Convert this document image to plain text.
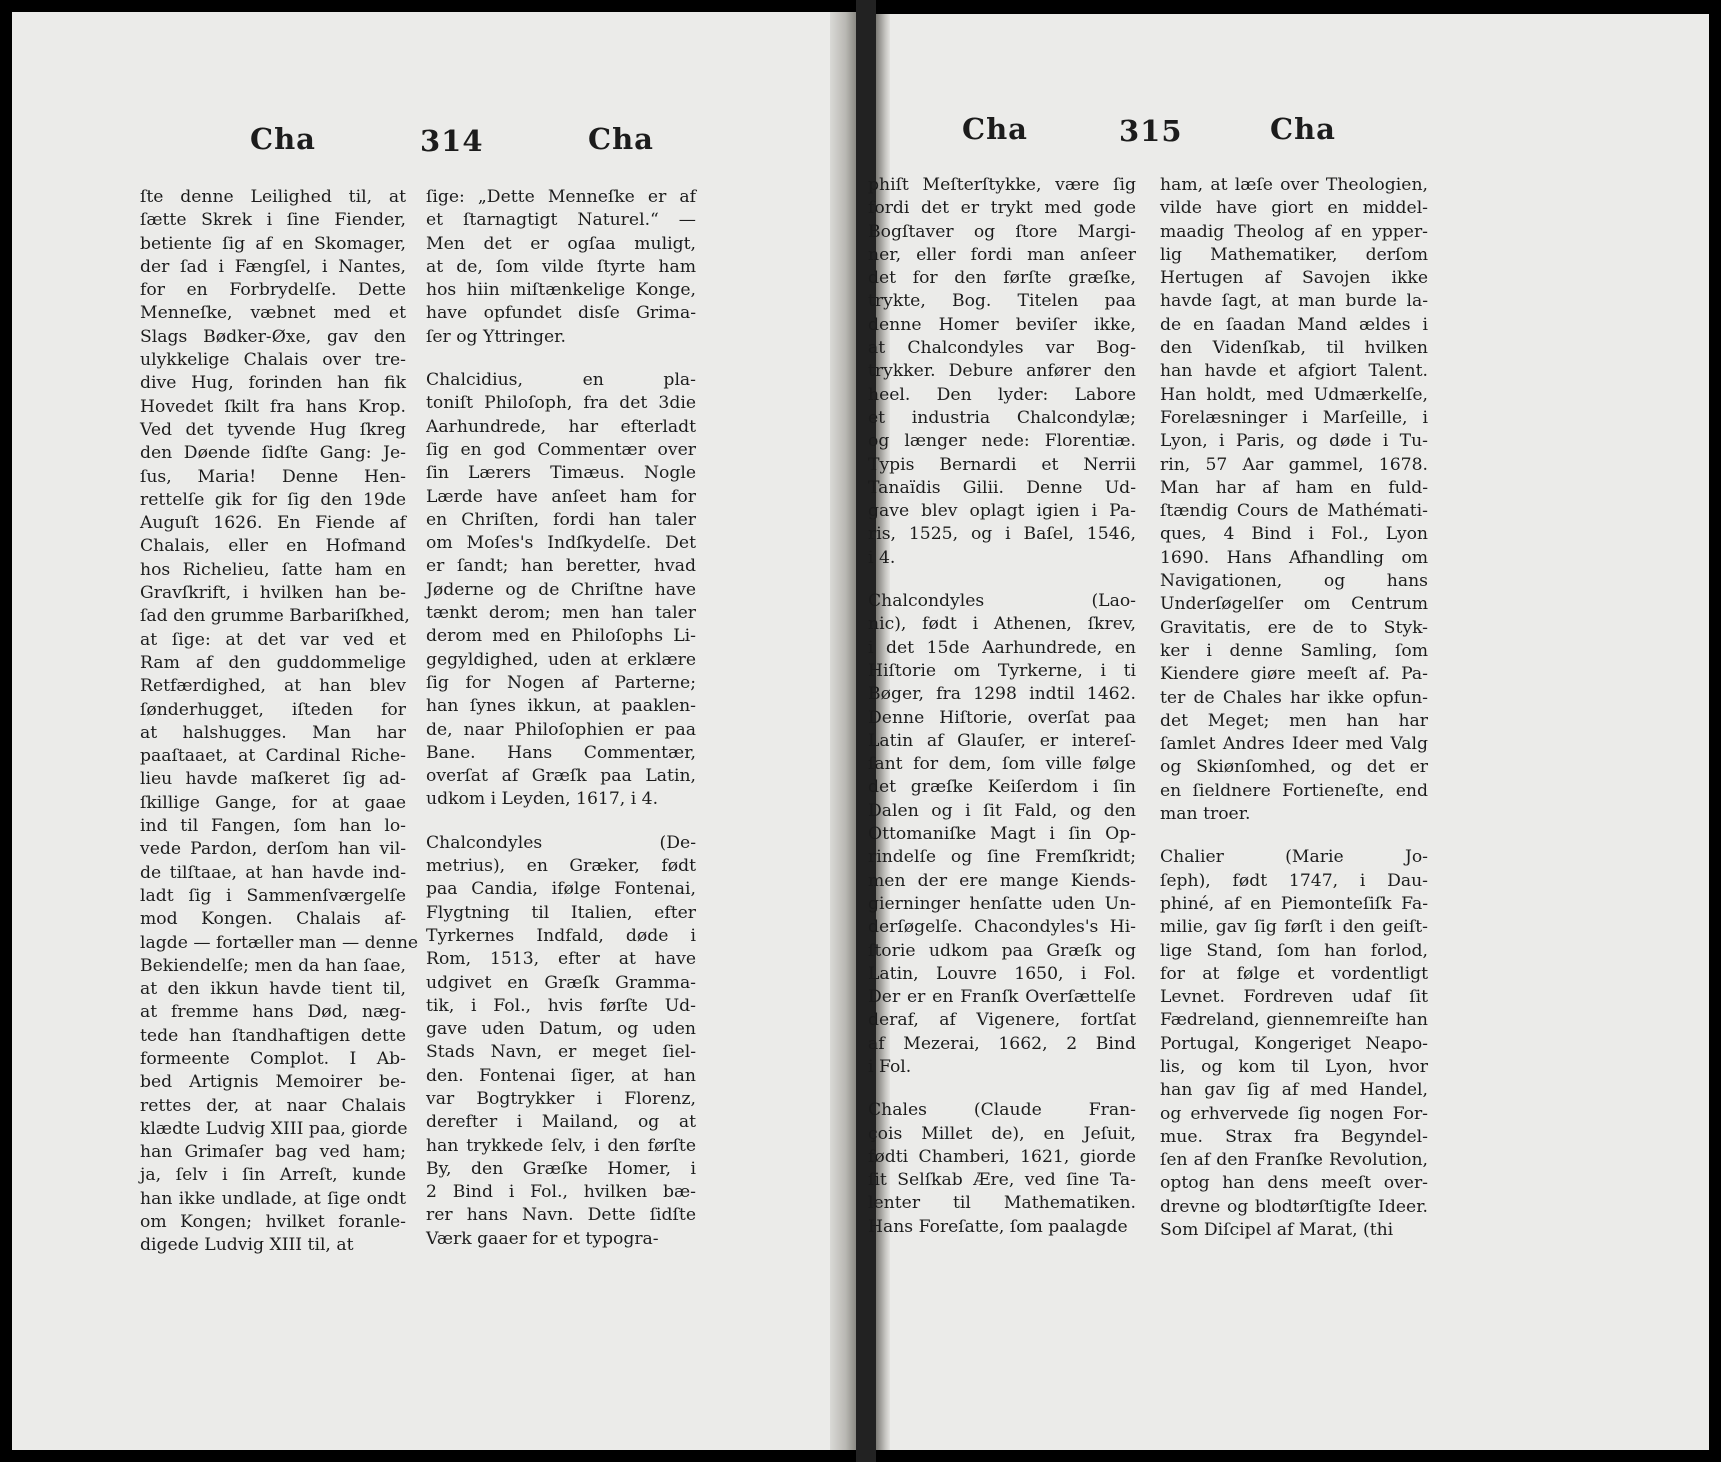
Cha	314	Cha

ſte denne Leilighed til, at
ſætte Skrek i ſine Fiender,
betiente ſig af en Skomager,
der ſad i Fængſel, i Nantes,
for en Forbrydelſe. Dette
Menneſke, væbnet med et
Slags Bødker-Øxe, gav den
ulykkelige Chalais over tre-
dive Hug, forinden han fik
Hovedet ſkilt fra hans Krop.
Ved det tyvende Hug ſkreg
den Døende ſidſte Gang: Je-
ſus, Maria! Denne Hen-
rettelſe gik for ſig den 19de
Auguſt 1626. En Fiende af
Chalais, eller en Hofmand
hos Richelieu, ſatte ham en
Gravſkrift, i hvilken han be-
ſad den grumme Barbariſkhed,
at ſige: at det var ved et
Ram af den guddommelige
Retfærdighed, at han blev
ſønderhugget, iſteden for
at halshugges. Man har
paaſtaaet, at Cardinal Riche-
lieu havde maſkeret ſig ad-
ſkillige Gange, for at gaae
ind til Fangen, ſom han lo-
vede Pardon, derſom han vil-
de tilſtaae, at han havde ind-
ladt ſig i Sammenſværgelſe
mod Kongen. Chalais af-
lagde — fortæller man — denne
Bekiendelſe; men da han ſaae,
at den ikkun havde tient til,
at fremme hans Død, næg-
tede han ſtandhaftigen dette
formeente Complot. I Ab-
bed Artignis Memoirer be-
rettes der, at naar Chalais
klædte Ludvig XIII paa, giorde
han Grimaſer bag ved ham;
ja, ſelv i ſin Arreſt, kunde
han ikke undlade, at ſige ondt
om Kongen; hvilket foranle-
digede Ludvig XIII til, at

ſige: „Dette Menneſke er af
et ſtarnagtigt Naturel.“ —
Men det er ogſaa muligt,
at de, ſom vilde ſtyrte ham
hos hiin miſtænkelige Konge,
have opfundet disſe Grima-
ſer og Yttringer.

Chalcidius, en pla-
toniſt Philoſoph, fra det 3die
Aarhundrede, har efterladt
ſig en god Commentær over
ſin Lærers Timæus. Nogle
Lærde have anſeet ham for
en Chriſten, fordi han taler
om Moſes's Indſkydelſe. Det
er ſandt; han beretter, hvad
Jøderne og de Chriſtne have
tænkt derom; men han taler
derom med en Philoſophs Li-
gegyldighed, uden at erklære
ſig for Nogen af Parterne;
han ſynes ikkun, at paaklen-
de, naar Philoſophien er paa
Bane. Hans Commentær,
overſat af Græſk paa Latin,
udkom i Leyden, 1617, i 4.

Chalcondyles (De-
metrius), en Græker, født
paa Candia, ifølge Fontenai,
Flygtning til Italien, efter
Tyrkernes Indfald, døde i
Rom, 1513, efter at have
udgivet en Græſk Gramma-
tik, i Fol., hvis førſte Ud-
gave uden Datum, og uden
Stads Navn, er meget ſiel-
den. Fontenai ſiger, at han
var Bogtrykker i Florenz,
derefter i Mailand, og at
han trykkede ſelv, i den førſte
By, den Græſke Homer, i
2 Bind i Fol., hvilken bæ-
rer hans Navn. Dette ſidſte
Værk gaaer for et typogra-

Cha	315	Cha

phiſt Meſterſtykke, være ſig
fordi det er trykt med gode
Bogſtaver og ſtore Margi-
ner, eller fordi man anſeer
det for den førſte græſke,
trykte, Bog. Titelen paa
denne Homer beviſer ikke,
at Chalcondyles var Bog-
trykker. Debure anfører den
heel. Den lyder: Labore
et industria Chalcondylæ;
og længer nede: Florentiæ.
Typis Bernardi et Nerrii
Tanaïdis Gilii. Denne Ud-
gave blev oplagt igien i Pa-
ris, 1525, og i Baſel, 1546,
i 4.

Chalcondyles (Lao-
nic), født i Athenen, ſkrev,
i det 15de Aarhundrede, en
Hiſtorie om Tyrkerne, i ti
Bøger, fra 1298 indtil 1462.
Denne Hiſtorie, overſat paa
Latin af Glauſer, er intereſ-
ſant for dem, ſom ville følge
det græſke Keiſerdom i ſin
Dalen og i ſit Fald, og den
Ottomaniſke Magt i ſin Op-
rindelſe og ſine Fremſkridt;
men der ere mange Kiends-
gierninger henſatte uden Un-
derſøgelſe. Chacondyles's Hi-
ſtorie udkom paa Græſk og
Latin, Louvre 1650, i Fol.
Der er en Franſk Overſættelſe
deraf, af Vigenere, fortſat
af Mezerai, 1662, 2 Bind
i Fol.

Chales (Claude Fran-
çois Millet de), en Jeſuit,
fødti Chamberi, 1621, giorde
ſit Selſkab Ære, ved ſine Ta-
lenter til Mathematiken.
Hans Foreſatte, ſom paalagde

ham, at læſe over Theologien,
vilde have giort en middel-
maadig Theolog af en ypper-
lig Mathematiker, derſom
Hertugen af Savojen ikke
havde ſagt, at man burde la-
de en ſaadan Mand ældes i
den Videnſkab, til hvilken
han havde et afgiort Talent.
Han holdt, med Udmærkelſe,
Forelæsninger i Marſeille, i
Lyon, i Paris, og døde i Tu-
rin, 57 Aar gammel, 1678.
Man har af ham en fuld-
ſtændig Cours de Mathémati-
ques, 4 Bind i Fol., Lyon
1690. Hans Afhandling om
Navigationen, og hans
Underſøgelſer om Centrum
Gravitatis, ere de to Styk-
ker i denne Samling, ſom
Kiendere giøre meeſt af. Pa-
ter de Chales har ikke opfun-
det Meget; men han har
ſamlet Andres Ideer med Valg
og Skiønſomhed, og det er
en ſieldnere Fortieneſte, end
man troer.

Chalier (Marie Jo-
ſeph), født 1747, i Dau-
phiné, af en Piemonteſiſk Fa-
milie, gav ſig førſt i den geiſt-
lige Stand, ſom han forlod,
for at følge et vordentligt
Levnet. Fordreven udaf ſit
Fædreland, giennemreiſte han
Portugal, Kongeriget Neapo-
lis, og kom til Lyon, hvor
han gav ſig af med Handel,
og erhvervede ſig nogen For-
mue. Strax fra Begyndel-
ſen af den Franſke Revolution,
optog han dens meeſt over-
drevne og blodtørſtigſte Ideer.
Som Diſcipel af Marat, (thi
